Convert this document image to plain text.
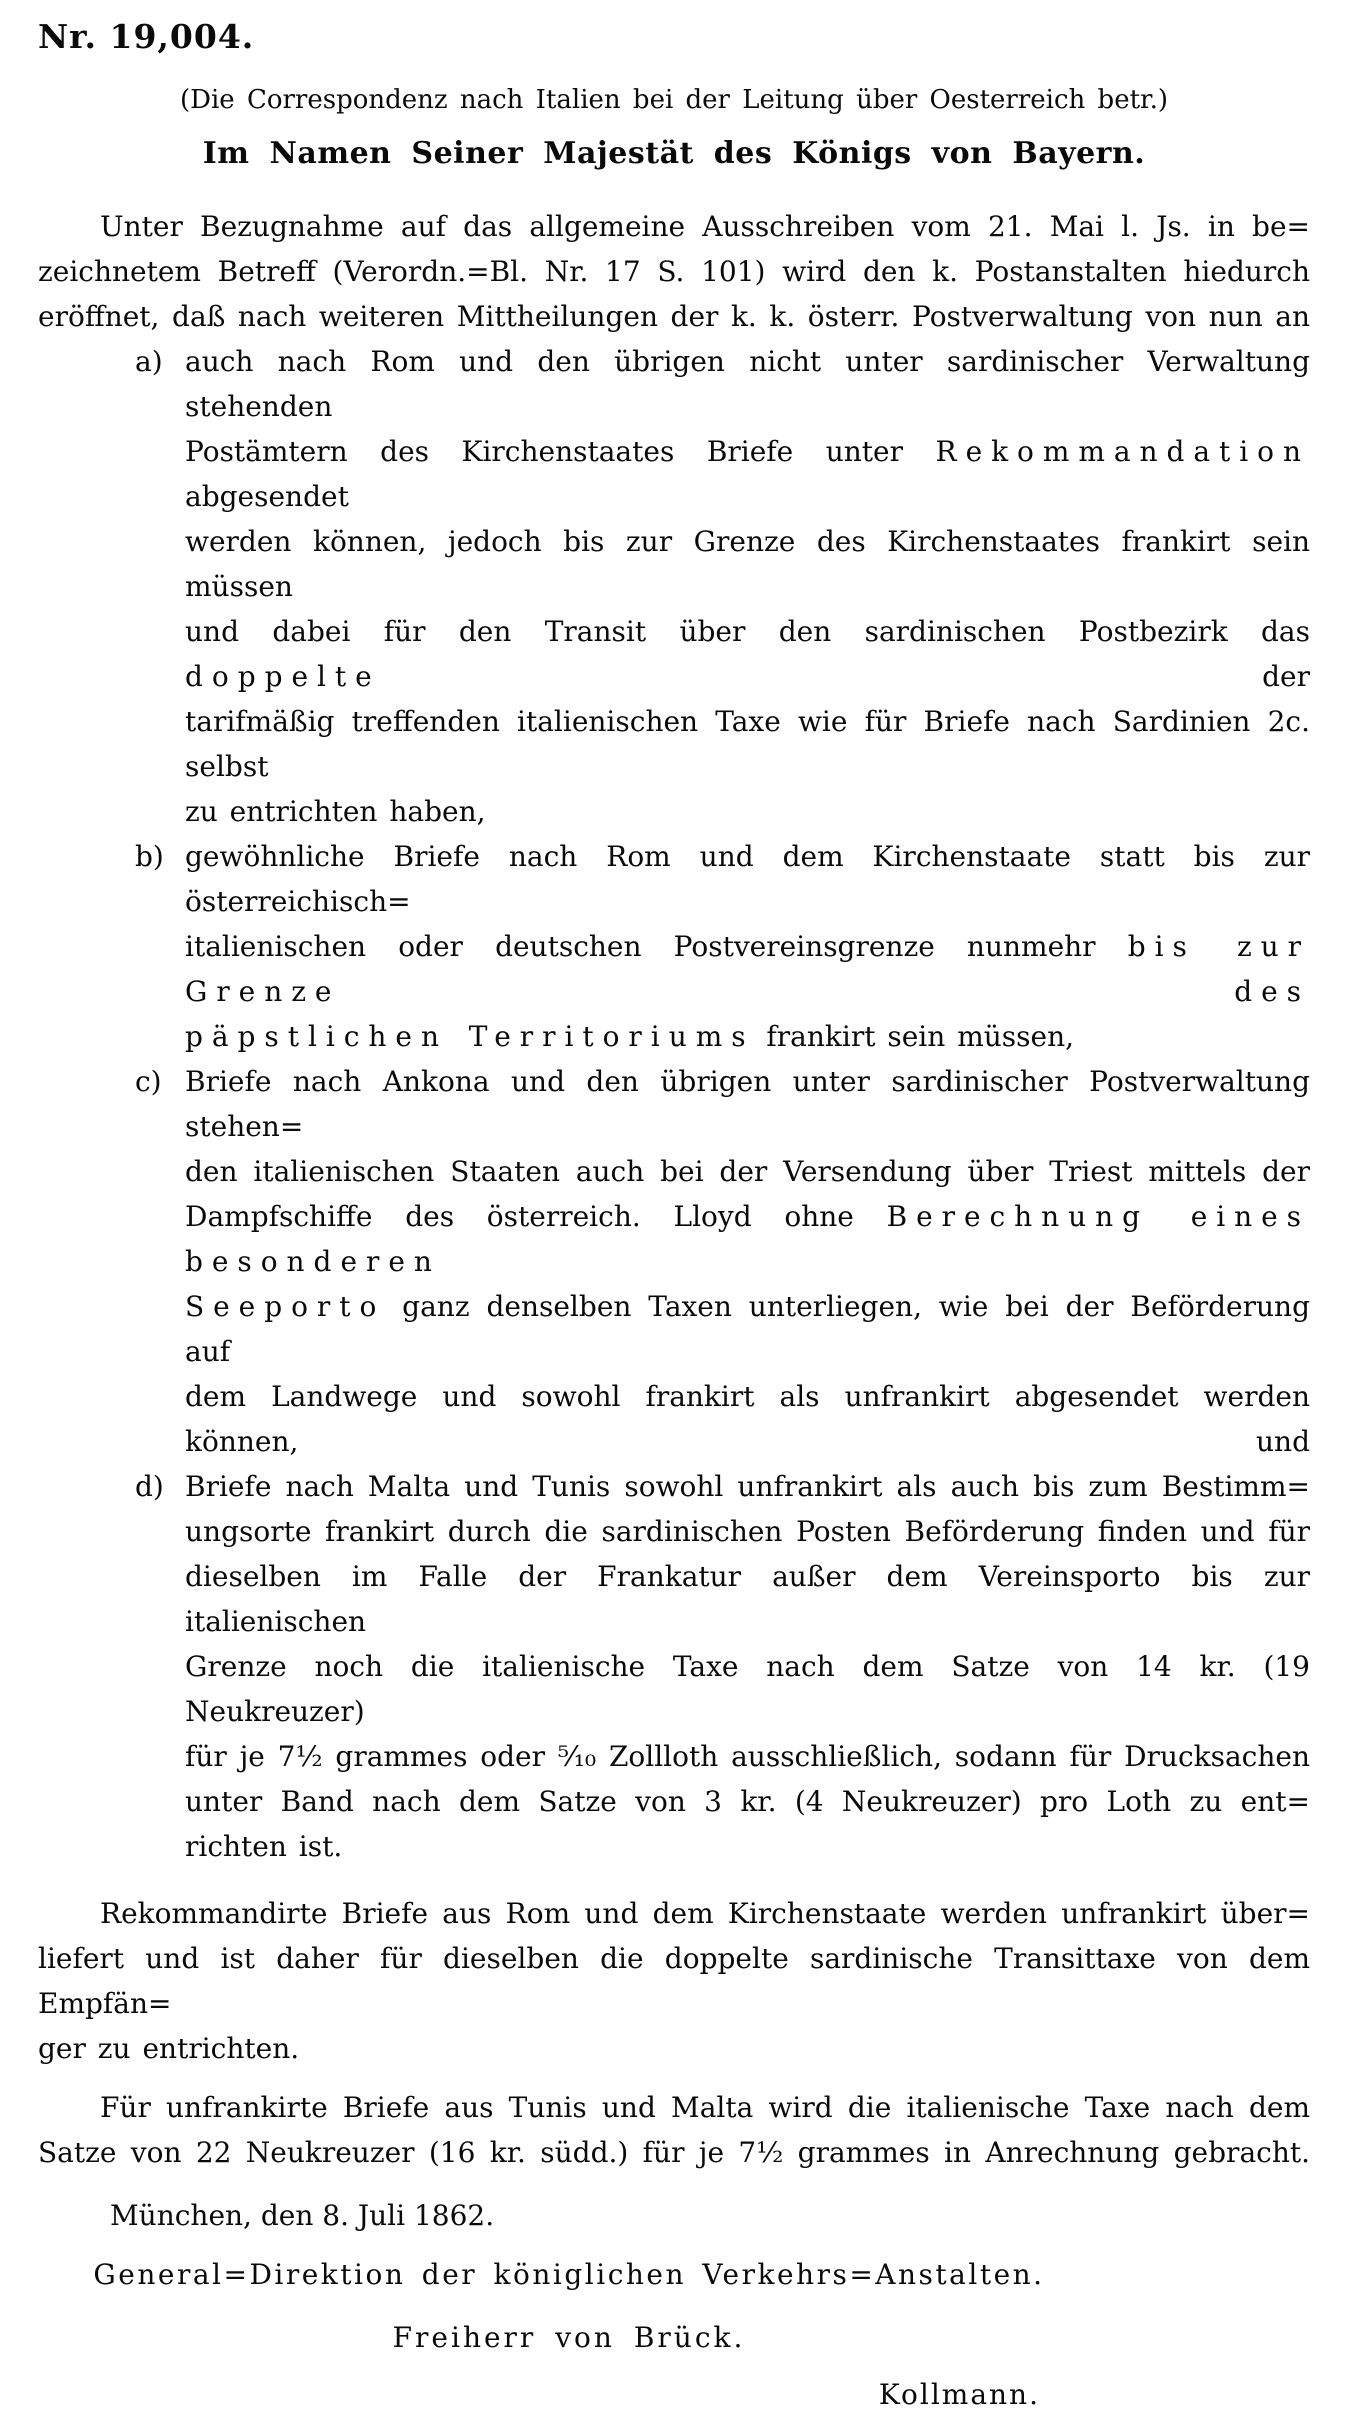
Nr. 19,004.
(Die Correspondenz nach Italien bei der Leitung über Oesterreich betr.)
Im Namen Seiner Majestät des Königs von Bayern.
Unter Bezugnahme auf das allgemeine Ausschreiben vom 21. Mai l. Js. in be=
zeichnetem Betreff (Verordn.=Bl. Nr. 17 S. 101) wird den k. Postanstalten hiedurch
eröffnet, daß nach weiteren Mittheilungen der k. k. österr. Postverwaltung von nun an
a) auch nach Rom und den übrigen nicht unter sardinischer Verwaltung stehenden
Postämtern des Kirchenstaates Briefe unter Rekommandation abgesendet
werden können, jedoch bis zur Grenze des Kirchenstaates frankirt sein müssen
und dabei für den Transit über den sardinischen Postbezirk das doppelte der
tarifmäßig treffenden italienischen Taxe wie für Briefe nach Sardinien 2c. selbst
zu entrichten haben,
b) gewöhnliche Briefe nach Rom und dem Kirchenstaate statt bis zur österreichisch=
italienischen oder deutschen Postvereinsgrenze nunmehr bis zur Grenze des
päpstlichen Territoriums frankirt sein müssen,
c) Briefe nach Ankona und den übrigen unter sardinischer Postverwaltung stehen=
den italienischen Staaten auch bei der Versendung über Triest mittels der
Dampfschiffe des österreich. Lloyd ohne Berechnung eines besonderen
Seeporto ganz denselben Taxen unterliegen, wie bei der Beförderung auf
dem Landwege und sowohl frankirt als unfrankirt abgesendet werden können, und
d) Briefe nach Malta und Tunis sowohl unfrankirt als auch bis zum Bestimm=
ungsorte frankirt durch die sardinischen Posten Beförderung finden und für
dieselben im Falle der Frankatur außer dem Vereinsporto bis zur italienischen
Grenze noch die italienische Taxe nach dem Satze von 14 kr. (19 Neukreuzer)
für je 7½ grammes oder ⁵⁄₁₀ Zollloth ausschließlich, sodann für Drucksachen
unter Band nach dem Satze von 3 kr. (4 Neukreuzer) pro Loth zu ent=
richten ist.
Rekommandirte Briefe aus Rom und dem Kirchenstaate werden unfrankirt über=
liefert und ist daher für dieselben die doppelte sardinische Transittaxe von dem Empfän=
ger zu entrichten.
Für unfrankirte Briefe aus Tunis und Malta wird die italienische Taxe nach dem
Satze von 22 Neukreuzer (16 kr. südd.) für je 7½ grammes in Anrechnung gebracht.
München, den 8. Juli 1862.
General=Direktion der königlichen Verkehrs=Anstalten.
Freiherr von Brück.
Kollmann.
